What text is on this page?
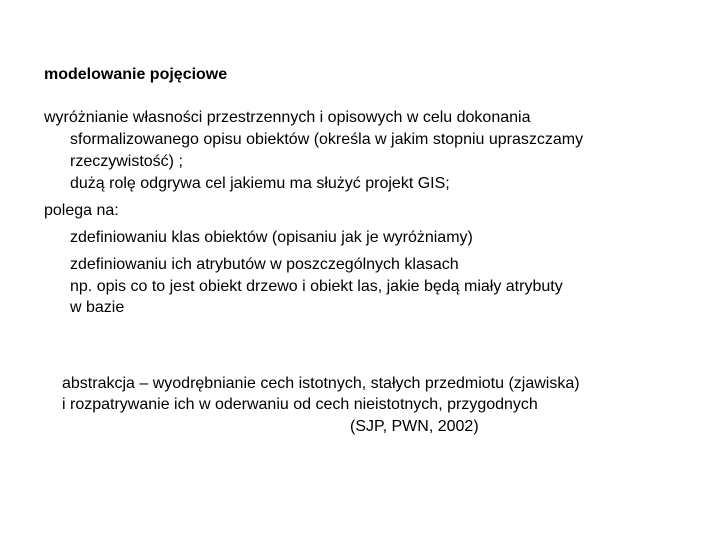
modelowanie pojęciowe
wyróżnianie własności przestrzennych i opisowych w celu dokonania
sformalizowanego opisu obiektów (określa w jakim stopniu upraszczamy
rzeczywistość) ;
dużą rolę odgrywa cel jakiemu ma służyć projekt GIS;
polega na:
zdefiniowaniu klas obiektów (opisaniu jak je wyróżniamy)
zdefiniowaniu ich atrybutów w poszczególnych klasach
np. opis co to jest obiekt drzewo i obiekt las, jakie będą miały atrybuty
w bazie
abstrakcja – wyodrębnianie cech istotnych, stałych przedmiotu (zjawiska)
i rozpatrywanie ich w oderwaniu od cech nieistotnych, przygodnych
(SJP, PWN, 2002)
